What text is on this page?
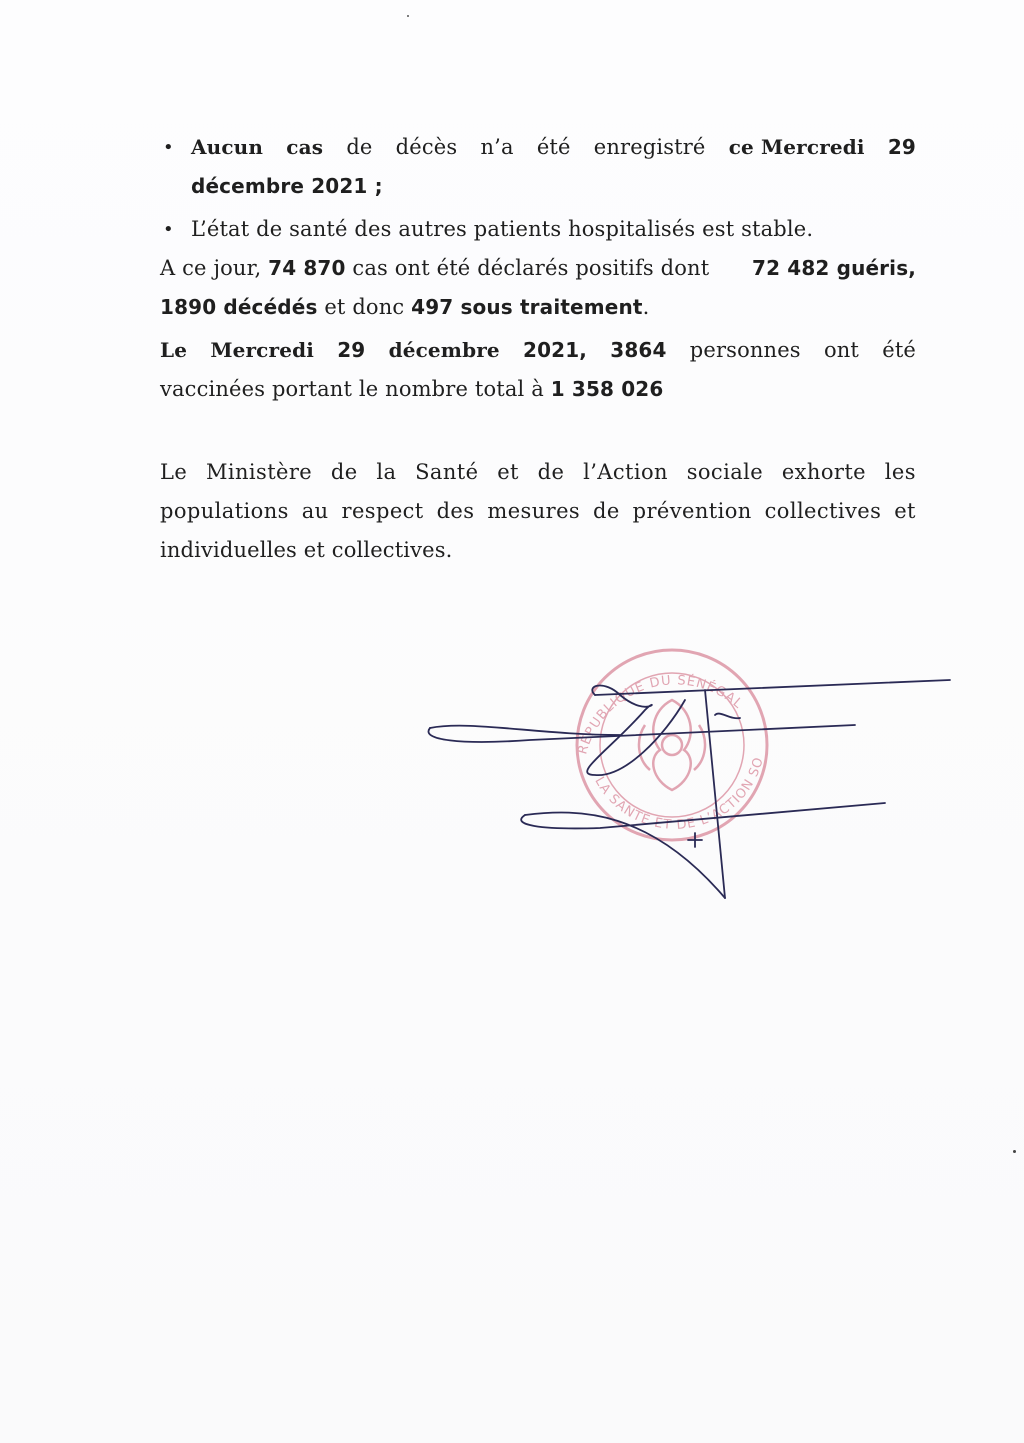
• Aucun cas de décès n’a été enregistré ce Mercredi 29
décembre 2021 ;
• L’état de santé des autres patients hospitalisés est stable.
A ce jour, 74 870 cas ont été déclarés positifs dont 72 482 guéris,
1890 décédés et donc 497 sous traitement.
Le Mercredi 29 décembre 2021, 3864 personnes ont été
vaccinées portant le nombre total à 1 358 026
Le Ministère de la Santé et de l’Action sociale exhorte les
populations au respect des mesures de prévention collectives et
individuelles et collectives.
RÉPUBLIQUE DU SÉNÉGAL
LA SANTÉ ET DE L’ACTION SO
